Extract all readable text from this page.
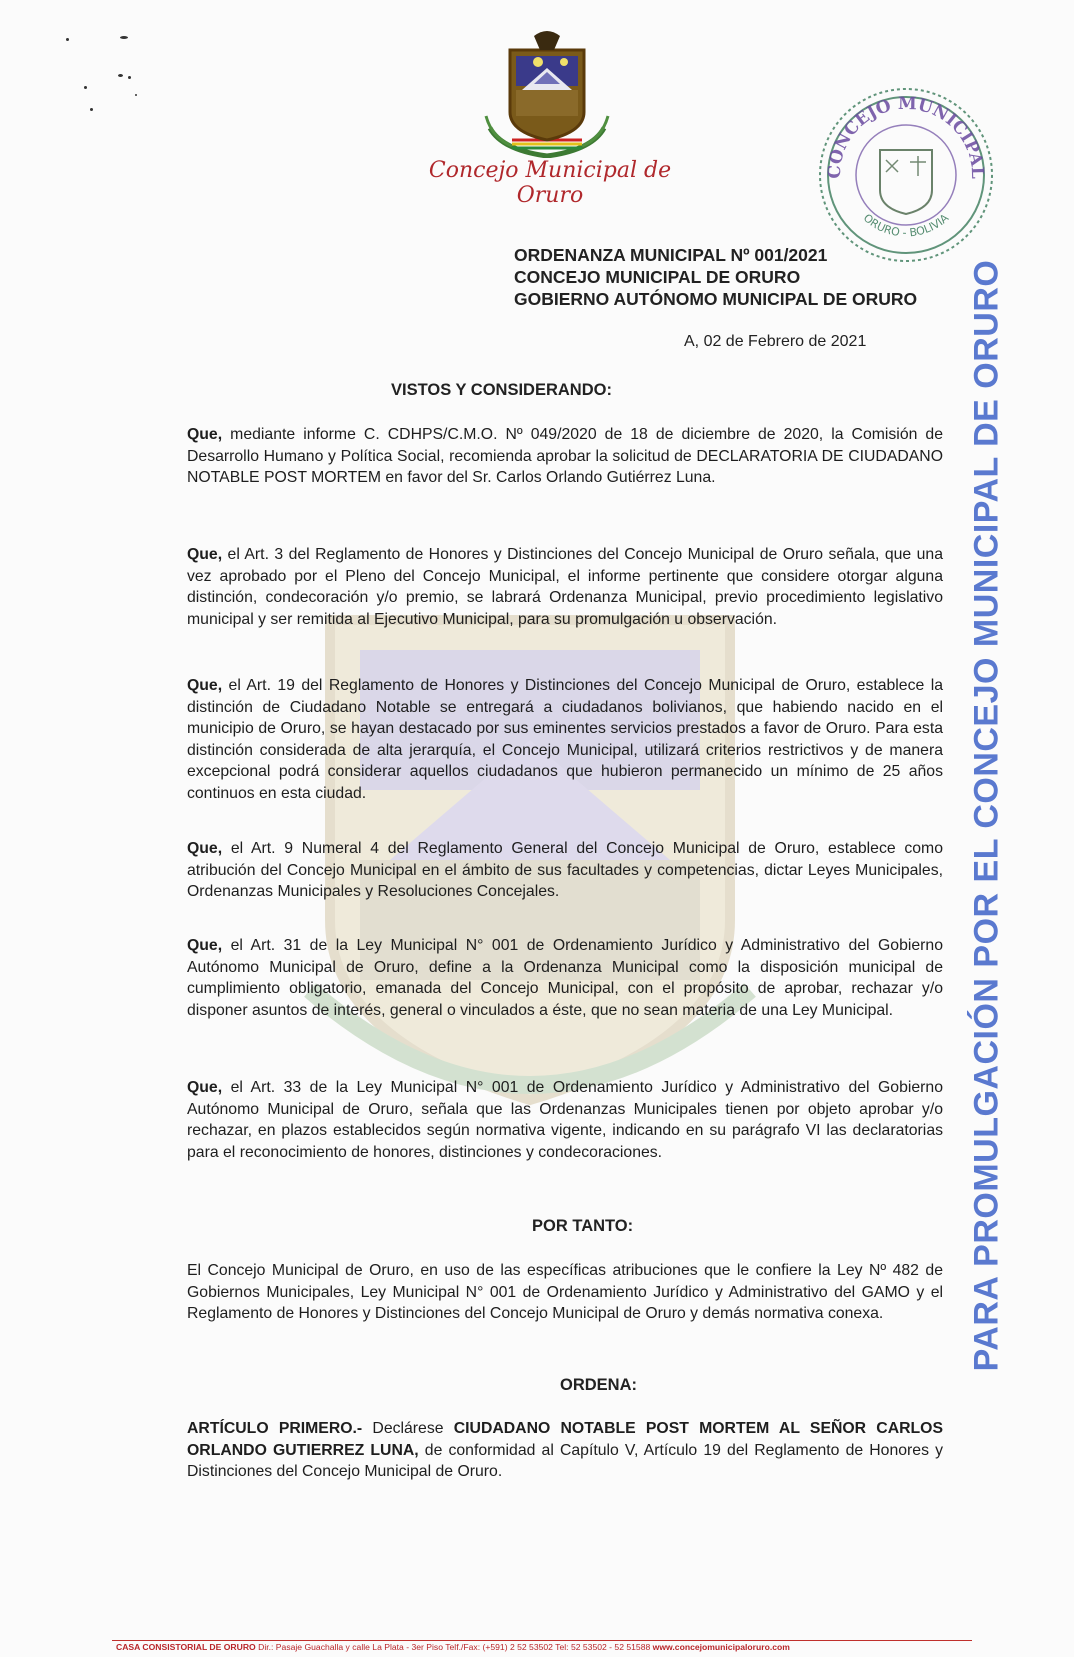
Concejo Municipal de Oruro
CONCEJO MUNICIPAL
ORURO - BOLIVIA
ORDENANZA MUNICIPAL Nº 001/2021
CONCEJO MUNICIPAL DE ORURO
GOBIERNO AUTÓNOMO MUNICIPAL DE ORURO
A, 02 de Febrero de 2021
VISTOS Y CONSIDERANDO:
Que, mediante informe C. CDHPS/C.M.O. Nº 049/2020 de 18 de diciembre de 2020, la Comisión de Desarrollo Humano y Política Social, recomienda aprobar la solicitud de DECLARATORIA DE CIUDADANO NOTABLE POST MORTEM en favor del Sr. Carlos Orlando Gutiérrez Luna.
Que, el Art. 3 del Reglamento de Honores y Distinciones del Concejo Municipal de Oruro señala, que una vez aprobado por el Pleno del Concejo Municipal, el informe pertinente que considere otorgar alguna distinción, condecoración y/o premio, se labrará Ordenanza Municipal, previo procedimiento legislativo municipal y ser remitida al Ejecutivo Municipal, para su promulgación u observación.
Que, el Art. 19 del Reglamento de Honores y Distinciones del Concejo Municipal de Oruro, establece la distinción de Ciudadano Notable se entregará a ciudadanos bolivianos, que habiendo nacido en el municipio de Oruro, se hayan destacado por sus eminentes servicios prestados a favor de Oruro. Para esta distinción considerada de alta jerarquía, el Concejo Municipal, utilizará criterios restrictivos y de manera excepcional podrá considerar aquellos ciudadanos que hubieron permanecido un mínimo de 25 años continuos en esta ciudad.
Que, el Art. 9 Numeral 4 del Reglamento General del Concejo Municipal de Oruro, establece como atribución del Concejo Municipal en el ámbito de sus facultades y competencias, dictar Leyes Municipales, Ordenanzas Municipales y Resoluciones Concejales.
Que, el Art. 31 de la Ley Municipal N° 001 de Ordenamiento Jurídico y Administrativo del Gobierno Autónomo Municipal de Oruro, define a la Ordenanza Municipal como la disposición municipal de cumplimiento obligatorio, emanada del Concejo Municipal, con el propósito de aprobar, rechazar y/o disponer asuntos de interés, general o vinculados a éste, que no sean materia de una Ley Municipal.
Que, el Art. 33 de la Ley Municipal N° 001 de Ordenamiento Jurídico y Administrativo del Gobierno Autónomo Municipal de Oruro, señala que las Ordenanzas Municipales tienen por objeto aprobar y/o rechazar, en plazos establecidos según normativa vigente, indicando en su parágrafo VI las declaratorias para el reconocimiento de honores, distinciones y condecoraciones.
POR TANTO:
El Concejo Municipal de Oruro, en uso de las específicas atribuciones que le confiere la Ley Nº 482 de Gobiernos Municipales, Ley Municipal N° 001 de Ordenamiento Jurídico y Administrativo del GAMO y el Reglamento de Honores y Distinciones del Concejo Municipal de Oruro y demás normativa conexa.
ORDENA:
ARTÍCULO PRIMERO.- Declárese CIUDADANO NOTABLE POST MORTEM AL SEÑOR CARLOS ORLANDO GUTIERREZ LUNA, de conformidad al Capítulo V, Artículo 19 del Reglamento de Honores y Distinciones del Concejo Municipal de Oruro.
PARA PROMULGACIÓN POR EL CONCEJO MUNICIPAL DE ORURO
CASA CONSISTORIAL DE ORURO Dir.: Pasaje Guachalla y calle La Plata - 3er Piso Telf./Fax: (+591) 2 52 53502 Tel: 52 53502 - 52 51588 www.concejomunicipaloruro.com
